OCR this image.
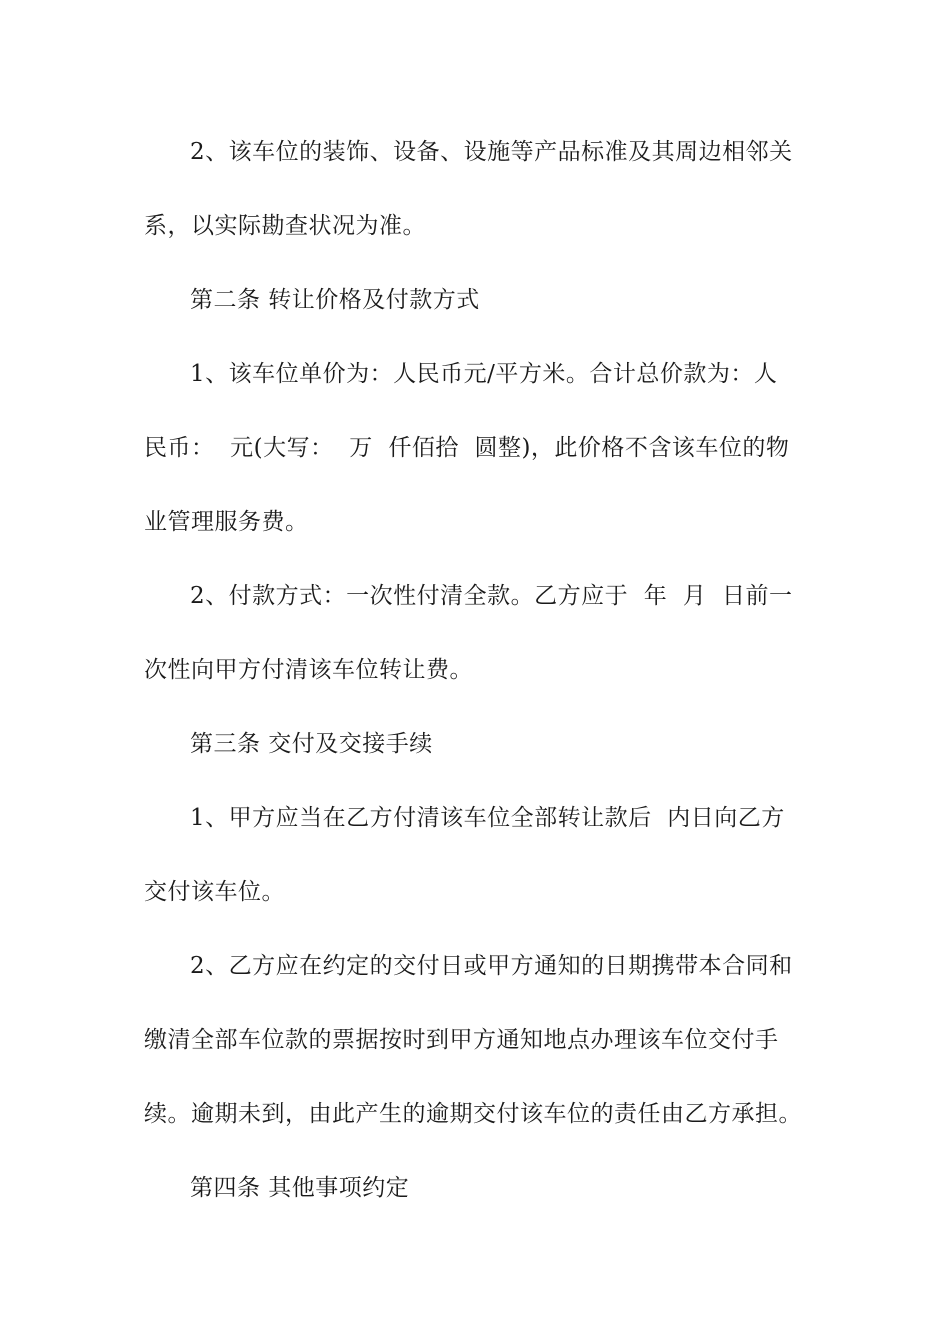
2、该车位的装饰、设备、设施等产品标准及其周边相邻关

系，以实际勘查状况为准。

第二条 转让价格及付款方式

1、该车位单价为：人民币元/平方米。合计总价款为：人

民币：  元(大写：  万  仟佰拾  圆整)，此价格不含该车位的物

业管理服务费。

2、付款方式：一次性付清全款。乙方应于  年  月  日前一

次性向甲方付清该车位转让费。

第三条 交付及交接手续

1、甲方应当在乙方付清该车位全部转让款后  内日向乙方

交付该车位。

2、乙方应在约定的交付日或甲方通知的日期携带本合同和

缴清全部车位款的票据按时到甲方通知地点办理该车位交付手

续。逾期未到，由此产生的逾期交付该车位的责任由乙方承担。

第四条 其他事项约定
